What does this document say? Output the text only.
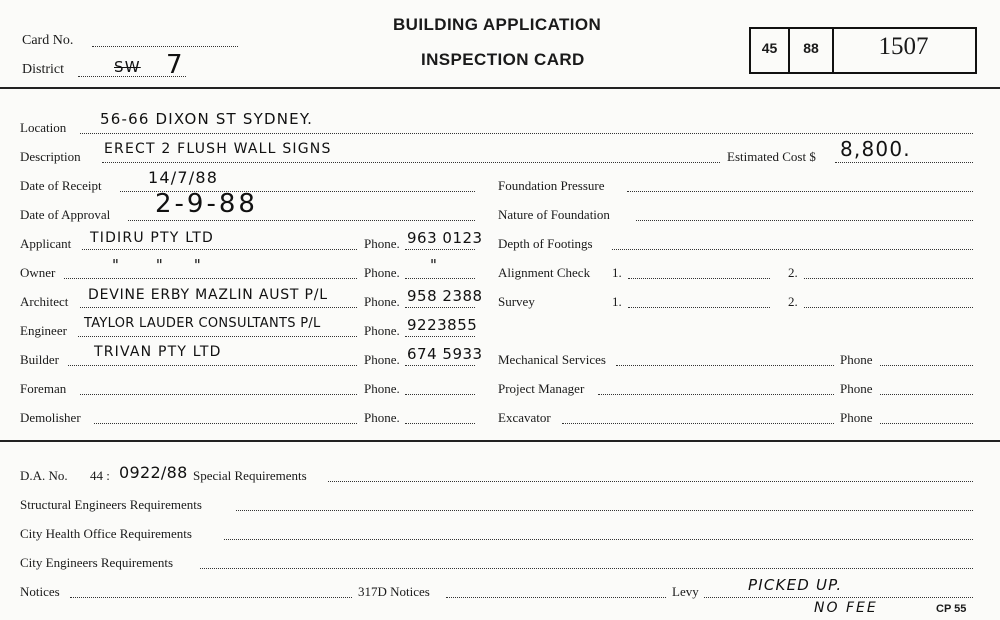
Card No.
District	SW 7
BUILDING APPLICATION
INSPECTION CARD
45	88	1507
Location 56-66 DIXON ST SYDNEY.
Description ERECT 2 FLUSH WALL SIGNS	Estimated Cost $ 8,800.
Date of Receipt	14/7/88
Date of Approval 2-9-88
Applicant TIDIRU PTY LTD	Phone. 963 0123
Owner	"      "     "	Phone. "
Architect DEVINE ERBY MAZLIN AUST P/L	Phone. 958 2388
Engineer TAYLOR LAUDER CONSULTANTS P/L	Phone. 9223855
Builder	TRIVAN PTY LTD	Phone. 674 5933
Foreman	Phone.
Demolisher	Phone.
Foundation Pressure
Nature of Foundation
Depth of Footings
Alignment Check 1.	2.
Survey	1.	2.
Mechanical Services	Phone
Project Manager	Phone
Excavator	Phone
D.A. No. 44 : 0922/88 Special Requirements
Structural Engineers Requirements
City Health Office Requirements
City Engineers Requirements
Notices	317D Notices	Levy	PICKED UP.
NO FEE	CP 55
